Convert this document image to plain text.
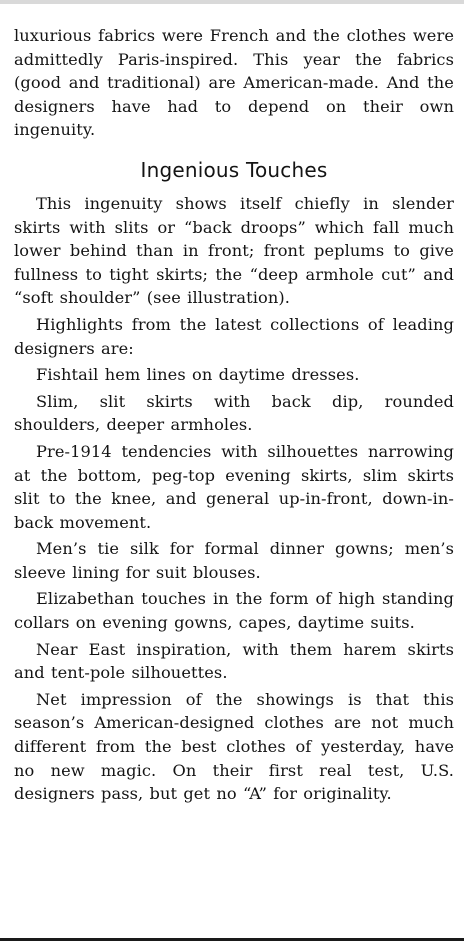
luxurious fabrics were French and the clothes were admittedly Paris-inspired. This year the fabrics (good and traditional) are American-made. And the designers have had to depend on their own ingenuity.

Ingenious Touches

This ingenuity shows itself chiefly in slender skirts with slits or “back droops” which fall much lower behind than in front; front peplums to give fullness to tight skirts; the “deep armhole cut” and “soft shoulder” (see illustration).

Highlights from the latest collections of leading designers are:

Fishtail hem lines on daytime dresses.

Slim, slit skirts with back dip, rounded shoulders, deeper armholes.

Pre-1914 tendencies with silhouettes narrowing at the bottom, peg-top evening skirts, slim skirts slit to the knee, and general up-in-front, down-in-back movement.

Men’s tie silk for formal dinner gowns; men’s sleeve lining for suit blouses.

Elizabethan touches in the form of high standing collars on evening gowns, capes, daytime suits.

Near East inspiration, with them harem skirts and tent-pole silhouettes.

Net impression of the showings is that this season’s American-designed clothes are not much different from the best clothes of yesterday, have no new magic. On their first real test, U.S. designers pass, but get no “A” for originality.
